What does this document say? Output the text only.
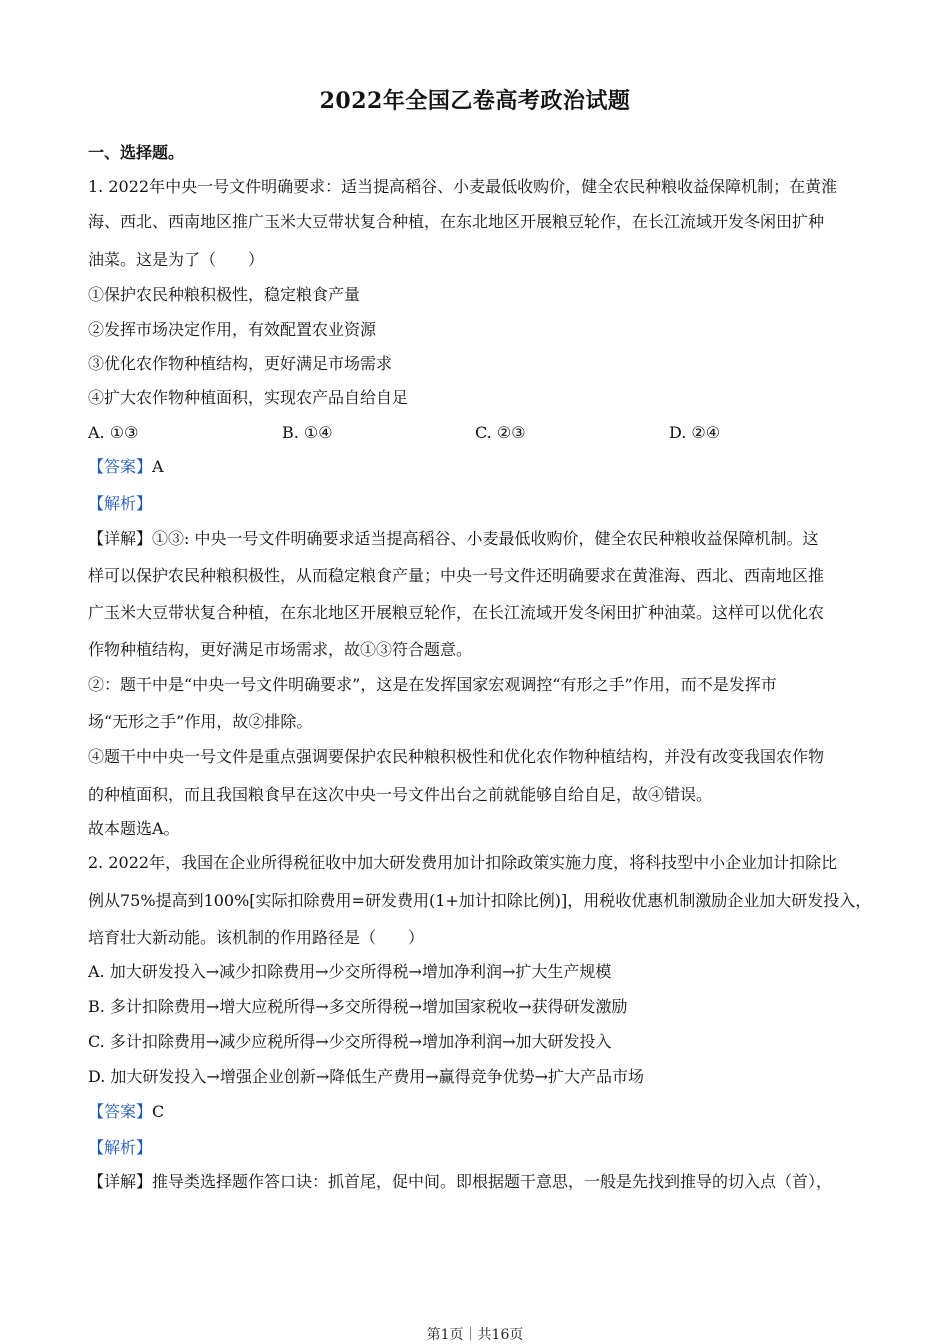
2022年全国乙卷高考政治试题
一、选择题。
1. 2022年中央一号文件明确要求：适当提高稻谷、小麦最低收购价，健全农民种粮收益保障机制；在黄淮
海、西北、西南地区推广玉米大豆带状复合种植，在东北地区开展粮豆轮作，在长江流域开发冬闲田扩种
油菜。这是为了（　　）
①保护农民种粮积极性，稳定粮食产量
②发挥市场决定作用，有效配置农业资源
③优化农作物种植结构，更好满足市场需求
④扩大农作物种植面积，实现农产品自给自足
A. ①③	B. ①④	C. ②③	D. ②④
【答案】A
【解析】
【详解】①③: 中央一号文件明确要求适当提高稻谷、小麦最低收购价，健全农民种粮收益保障机制。这
样可以保护农民种粮积极性，从而稳定粮食产量；中央一号文件还明确要求在黄淮海、西北、西南地区推
广玉米大豆带状复合种植，在东北地区开展粮豆轮作，在长江流域开发冬闲田扩种油菜。这样可以优化农
作物种植结构，更好满足市场需求，故①③符合题意。
②：题干中是“中央一号文件明确要求”，这是在发挥国家宏观调控“有形之手”作用，而不是发挥市
场“无形之手”作用，故②排除。
④题干中中央一号文件是重点强调要保护农民种粮积极性和优化农作物种植结构，并没有改变我国农作物
的种植面积，而且我国粮食早在这次中央一号文件出台之前就能够自给自足，故④错误。
故本题选A。
2. 2022年，我国在企业所得税征收中加大研发费用加计扣除政策实施力度，将科技型中小企业加计扣除比
例从75%提高到100%[实际扣除费用=研发费用(1+加计扣除比例)]，用税收优惠机制激励企业加大研发投入，
培育壮大新动能。该机制的作用路径是（　　）
A. 加大研发投入→减少扣除费用→少交所得税→增加净利润→扩大生产规模
B. 多计扣除费用→增大应税所得→多交所得税→增加国家税收→获得研发激励
C. 多计扣除费用→减少应税所得→少交所得税→增加净利润→加大研发投入
D. 加大研发投入→增强企业创新→降低生产费用→赢得竞争优势→扩大产品市场
【答案】C
【解析】
【详解】推导类选择题作答口诀：抓首尾，促中间。即根据题干意思，一般是先找到推导的切入点（首），
第1页｜共16页
